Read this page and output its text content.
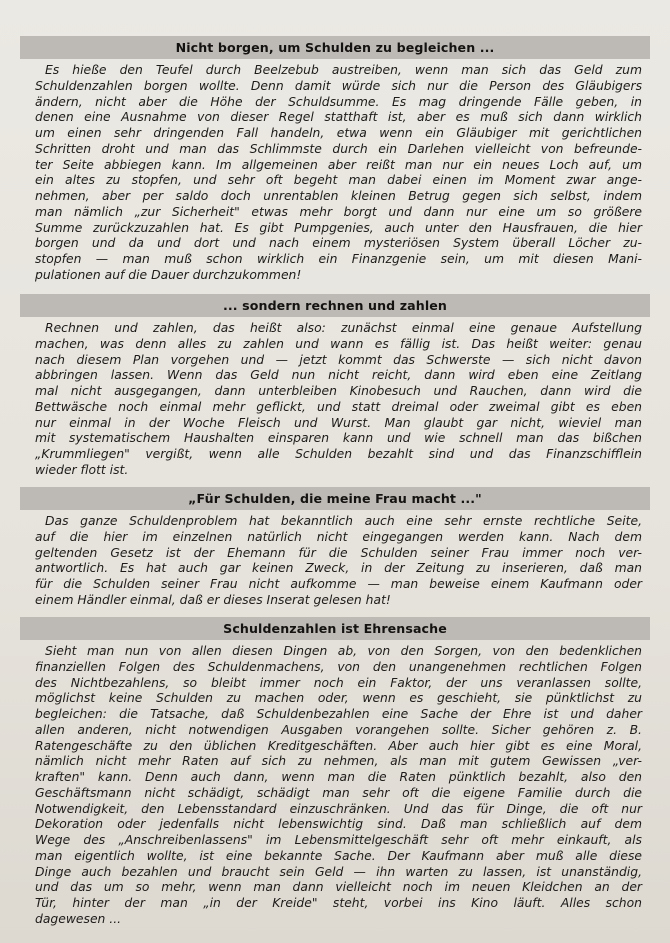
Nicht borgen, um Schulden zu begleichen ...
Es hieße den Teufel durch Beelzebub austreiben, wenn man sich das Geld zum
Schuldenzahlen borgen wollte. Denn damit würde sich nur die Person des Gläubigers
ändern, nicht aber die Höhe der Schuldsumme. Es mag dringende Fälle geben, in
denen eine Ausnahme von dieser Regel statthaft ist, aber es muß sich dann wirklich
um einen sehr dringenden Fall handeln, etwa wenn ein Gläubiger mit gerichtlichen
Schritten droht und man das Schlimmste durch ein Darlehen vielleicht von befreunde-
ter Seite abbiegen kann. Im allgemeinen aber reißt man nur ein neues Loch auf, um
ein altes zu stopfen, und sehr oft begeht man dabei einen im Moment zwar ange-
nehmen, aber per saldo doch unrentablen kleinen Betrug gegen sich selbst, indem
man nämlich „zur Sicherheit" etwas mehr borgt und dann nur eine um so größere
Summe zurückzuzahlen hat. Es gibt Pumpgenies, auch unter den Hausfrauen, die hier
borgen und da und dort und nach einem mysteriösen System überall Löcher zu-
stopfen — man muß schon wirklich ein Finanzgenie sein, um mit diesen Mani-
pulationen auf die Dauer durchzukommen!
... sondern rechnen und zahlen
Rechnen und zahlen, das heißt also: zunächst einmal eine genaue Aufstellung
machen, was denn alles zu zahlen und wann es fällig ist. Das heißt weiter: genau
nach diesem Plan vorgehen und — jetzt kommt das Schwerste — sich nicht davon
abbringen lassen. Wenn das Geld nun nicht reicht, dann wird eben eine Zeitlang
mal nicht ausgegangen, dann unterbleiben Kinobesuch und Rauchen, dann wird die
Bettwäsche noch einmal mehr geflickt, und statt dreimal oder zweimal gibt es eben
nur einmal in der Woche Fleisch und Wurst. Man glaubt gar nicht, wieviel man
mit systematischem Haushalten einsparen kann und wie schnell man das bißchen
„Krummliegen" vergißt, wenn alle Schulden bezahlt sind und das Finanzschifflein
wieder flott ist.
„Für Schulden, die meine Frau macht ..."
Das ganze Schuldenproblem hat bekanntlich auch eine sehr ernste rechtliche Seite,
auf die hier im einzelnen natürlich nicht eingegangen werden kann. Nach dem
geltenden Gesetz ist der Ehemann für die Schulden seiner Frau immer noch ver-
antwortlich. Es hat auch gar keinen Zweck, in der Zeitung zu inserieren, daß man
für die Schulden seiner Frau nicht aufkomme — man beweise einem Kaufmann oder
einem Händler einmal, daß er dieses Inserat gelesen hat!
Schuldenzahlen ist Ehrensache
Sieht man nun von allen diesen Dingen ab, von den Sorgen, von den bedenklichen
finanziellen Folgen des Schuldenmachens, von den unangenehmen rechtlichen Folgen
des Nichtbezahlens, so bleibt immer noch ein Faktor, der uns veranlassen sollte,
möglichst keine Schulden zu machen oder, wenn es geschieht, sie pünktlichst zu
begleichen: die Tatsache, daß Schuldenbezahlen eine Sache der Ehre ist und daher
allen anderen, nicht notwendigen Ausgaben vorangehen sollte. Sicher gehören z. B.
Ratengeschäfte zu den üblichen Kreditgeschäften. Aber auch hier gibt es eine Moral,
nämlich nicht mehr Raten auf sich zu nehmen, als man mit gutem Gewissen „ver-
kraften" kann. Denn auch dann, wenn man die Raten pünktlich bezahlt, also den
Geschäftsmann nicht schädigt, schädigt man sehr oft die eigene Familie durch die
Notwendigkeit, den Lebensstandard einzuschränken. Und das für Dinge, die oft nur
Dekoration oder jedenfalls nicht lebenswichtig sind. Daß man schließlich auf dem
Wege des „Anschreibenlassens" im Lebensmittelgeschäft sehr oft mehr einkauft, als
man eigentlich wollte, ist eine bekannte Sache. Der Kaufmann aber muß alle diese
Dinge auch bezahlen und braucht sein Geld — ihn warten zu lassen, ist unanständig,
und das um so mehr, wenn man dann vielleicht noch im neuen Kleidchen an der
Tür, hinter der man „in der Kreide" steht, vorbei ins Kino läuft. Alles schon
dagewesen ...
